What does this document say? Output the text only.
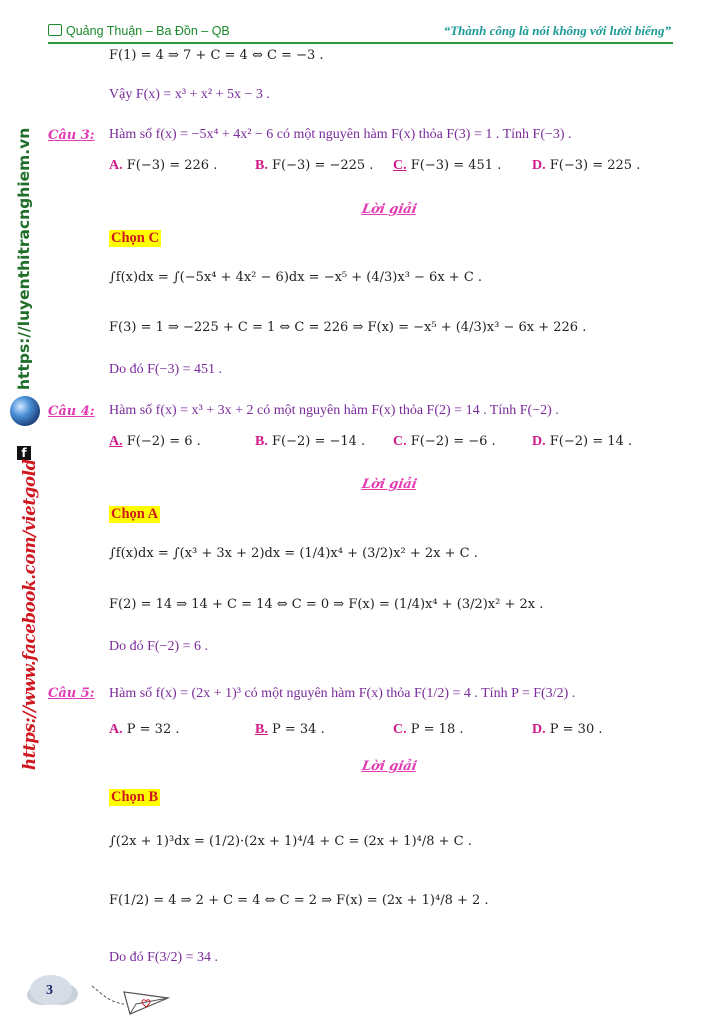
Quảng Thuận – Ba Đồn – QB	“Thành công là nói không với lười biếng”
https://luyenthitracnghiem.vn
f
https://www.facebook.com/vietgold
F(1) = 4 ⇒ 7 + C = 4 ⇔ C = −3 .
Vậy F(x) = x³ + x² + 5x − 3 .
Câu 3: Hàm số f(x) = −5x⁴ + 4x² − 6 có một nguyên hàm F(x) thỏa F(3) = 1 . Tính F(−3) .
A. F(−3) = 226 .	B. F(−3) = −225 . C. F(−3) = 451 . D. F(−3) = 225 .
Lời giải
Chọn C
∫f(x)dx = ∫(−5x⁴ + 4x² − 6)dx = −x⁵ + (4/3)x³ − 6x + C .
F(3) = 1 ⇒ −225 + C = 1 ⇔ C = 226 ⇒ F(x) = −x⁵ + (4/3)x³ − 6x + 226 .
Do đó F(−3) = 451 .
Câu 4: Hàm số f(x) = x³ + 3x + 2 có một nguyên hàm F(x) thỏa F(2) = 14 . Tính F(−2) .
A. F(−2) = 6 .	B. F(−2) = −14 . C. F(−2) = −6 .	D. F(−2) = 14 .
Lời giải
Chọn A
∫f(x)dx = ∫(x³ + 3x + 2)dx = (1/4)x⁴ + (3/2)x² + 2x + C .
F(2) = 14 ⇒ 14 + C = 14 ⇔ C = 0 ⇒ F(x) = (1/4)x⁴ + (3/2)x² + 2x .
Do đó F(−2) = 6 .
Câu 5: Hàm số f(x) = (2x + 1)³ có một nguyên hàm F(x) thỏa F(1/2) = 4 . Tính P = F(3/2) .
A. P = 32 .	B. P = 34 .	C. P = 18 .	D. P = 30 .
Lời giải
Chọn B
∫(2x + 1)³dx = (1/2)·(2x + 1)⁴/4 + C = (2x + 1)⁴/8 + C .
F(1/2) = 4 ⇒ 2 + C = 4 ⇔ C = 2 ⇒ F(x) = (2x + 1)⁴/8 + 2 .
Do đó F(3/2) = 34 .
3
